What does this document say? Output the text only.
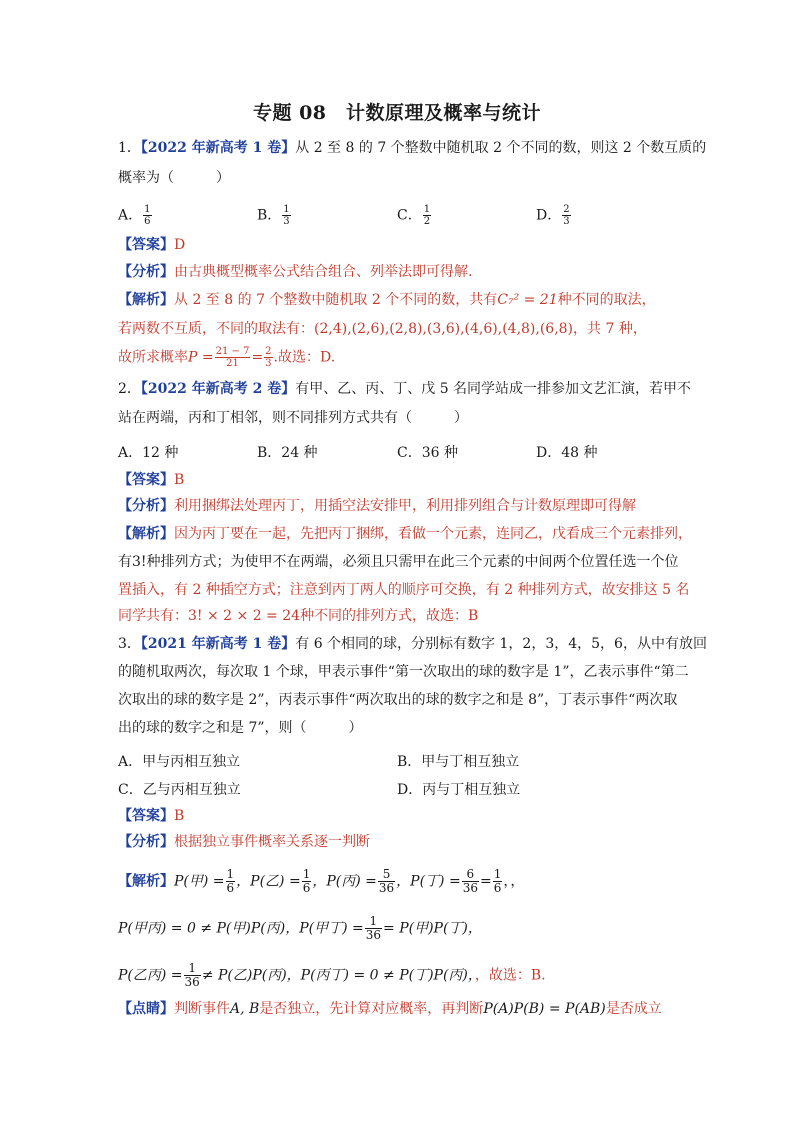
专题 08　计数原理及概率与统计
1．【2022 年新高考 1 卷】从 2 至 8 的 7 个整数中随机取 2 个不同的数，则这 2 个数互质的
概率为（　　　）
A． $\frac{1}{6}$	B． $\frac{1}{3}$	C． $\frac{1}{2}$	D． $\frac{2}{3}$
【答案】D
【分析】由古典概型概率公式结合组合、列举法即可得解.
【解析】从 2 至 8 的 7 个整数中随机取 2 个不同的数，共有C₇² = 21种不同的取法，
若两数不互质，不同的取法有：(2,4),(2,6),(2,8),(3,6),(4,6),(4,8),(6,8)，共 7 种，
故所求概率$P = \frac{21 - 7}{21} = \frac{2}{3}$ .故选：D.
2．【2022 年新高考 2 卷】有甲、乙、丙、丁、戊 5 名同学站成一排参加文艺汇演，若甲不
站在两端，丙和丁相邻，则不同排列方式共有（　　　）
A．12 种	B．24 种	C．36 种	D．48 种
【答案】B
【分析】利用捆绑法处理丙丁，用插空法安排甲，利用排列组合与计数原理即可得解
【解析】因为丙丁要在一起，先把丙丁捆绑，看做一个元素，连同乙，戊看成三个元素排列，
有3!种排列方式；为使甲不在两端，必须且只需甲在此三个元素的中间两个位置任选一个位
置插入，有 2 种插空方式；注意到丙丁两人的顺序可交换，有 2 种排列方式，故安排这 5 名
同学共有：3! × 2 × 2 = 24种不同的排列方式，故选：B
3．【2021 年新高考 1 卷】有 6 个相同的球，分别标有数字 1，2，3，4，5，6，从中有放回
的随机取两次，每次取 1 个球，甲表示事件“第一次取出的球的数字是 1”，乙表示事件“第二
次取出的球的数字是 2”，丙表示事件“两次取出的球的数字之和是 8”，丁表示事件“两次取
出的球的数字之和是 7”，则（　　　）
A．甲与丙相互独立	B．甲与丁相互独立
C．乙与丙相互独立	D．丙与丁相互独立
【答案】B
【分析】根据独立事件概率关系逐一判断
【解析】P(甲) = $\frac{1}{6}$ ，P(乙) = $\frac{1}{6}$ ，P(丙) = $\frac{5}{36}$ ，P(丁) = $\frac{6}{36} = \frac{1}{6}$ ，，
P(甲丙) = 0 ≠ P(甲)P(丙)，P(甲丁) = $\frac{1}{36} = P$(甲)P(丁)，
P(乙丙) = $\frac{1}{36} \ne P$(乙)P(丙)，P(丙丁) = 0 ≠ P(丁)P(丙)，，故选：B.
【点睛】判断事件A, B是否独立，先计算对应概率，再判断P(A)P(B) = P(AB)是否成立
